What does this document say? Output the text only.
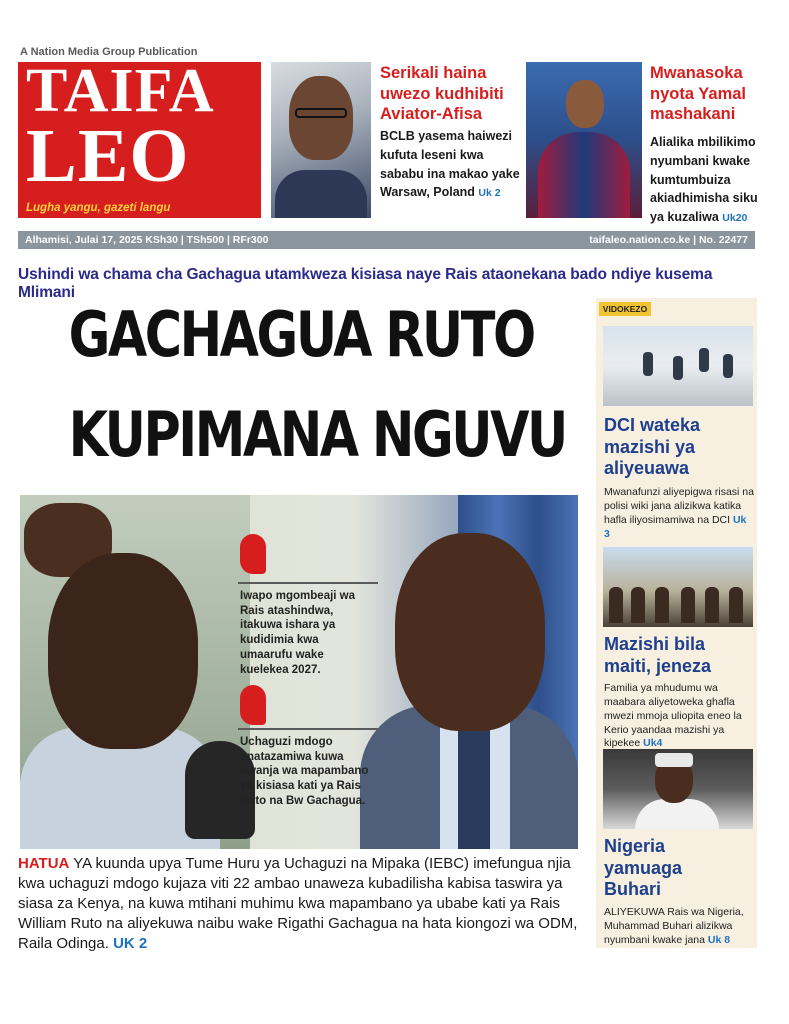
A Nation Media Group Publication
TAIFA
LEO
Lugha yangu, gazeti langu
Serikali haina uwezo kudhibiti Aviator-Afisa
BCLB yasema haiwezi kufuta leseni kwa sababu ina makao yake Warsaw, Poland Uk 2
Mwanasoka nyota Yamal mashakani
Alialika mbilikimo nyumbani kwake kumtumbuiza akiadhimisha siku ya kuzaliwa Uk20
Alhamisi, Julai 17, 2025 KSh30 | TSh500 | RFr300	taifaleo.nation.co.ke | No. 22477
Ushindi wa chama cha Gachagua utamkweza kisiasa naye Rais ataonekana bado ndiye kusema Mlimani
GACHAGUA RUTO
KUPIMANA NGUVU
Iwapo mgombeaji wa Rais atashindwa, itakuwa ishara ya kudidimia kwa umaarufu wake kuelekea 2027.
Uchaguzi mdogo unatazamiwa kuwa uwanja wa mapambano ya kisiasa kati ya Rais Ruto na Bw Gachagua.
HATUA YA kuunda upya Tume Huru ya Uchaguzi na Mipaka (IEBC) imefungua njia kwa uchaguzi mdogo kujaza viti 22 ambao unaweza kubadilisha kabisa taswira ya siasa za Kenya, na kuwa mtihani muhimu kwa mapambano ya ubabe kati ya Rais William Ruto na aliyekuwa naibu wake Rigathi Gachagua na hata kiongozi wa ODM, Raila Odinga. UK 2
VIDOKEZO
DCI wateka mazishi ya aliyeuawa
Mwanafunzi aliyepigwa risasi na polisi wiki jana alizikwa katika hafla iliyosimamiwa na DCI Uk 3
Mazishi bila maiti, jeneza
Familia ya mhudumu wa maabara aliyetoweka ghafla mwezi mmoja uliopita eneo la Kerio yaandaa mazishi ya kipekee Uk4
Nigeria yamuaga Buhari
ALIYEKUWA Rais wa Nigeria, Muhammad Buhari alizikwa nyumbani kwake jana Uk 8
